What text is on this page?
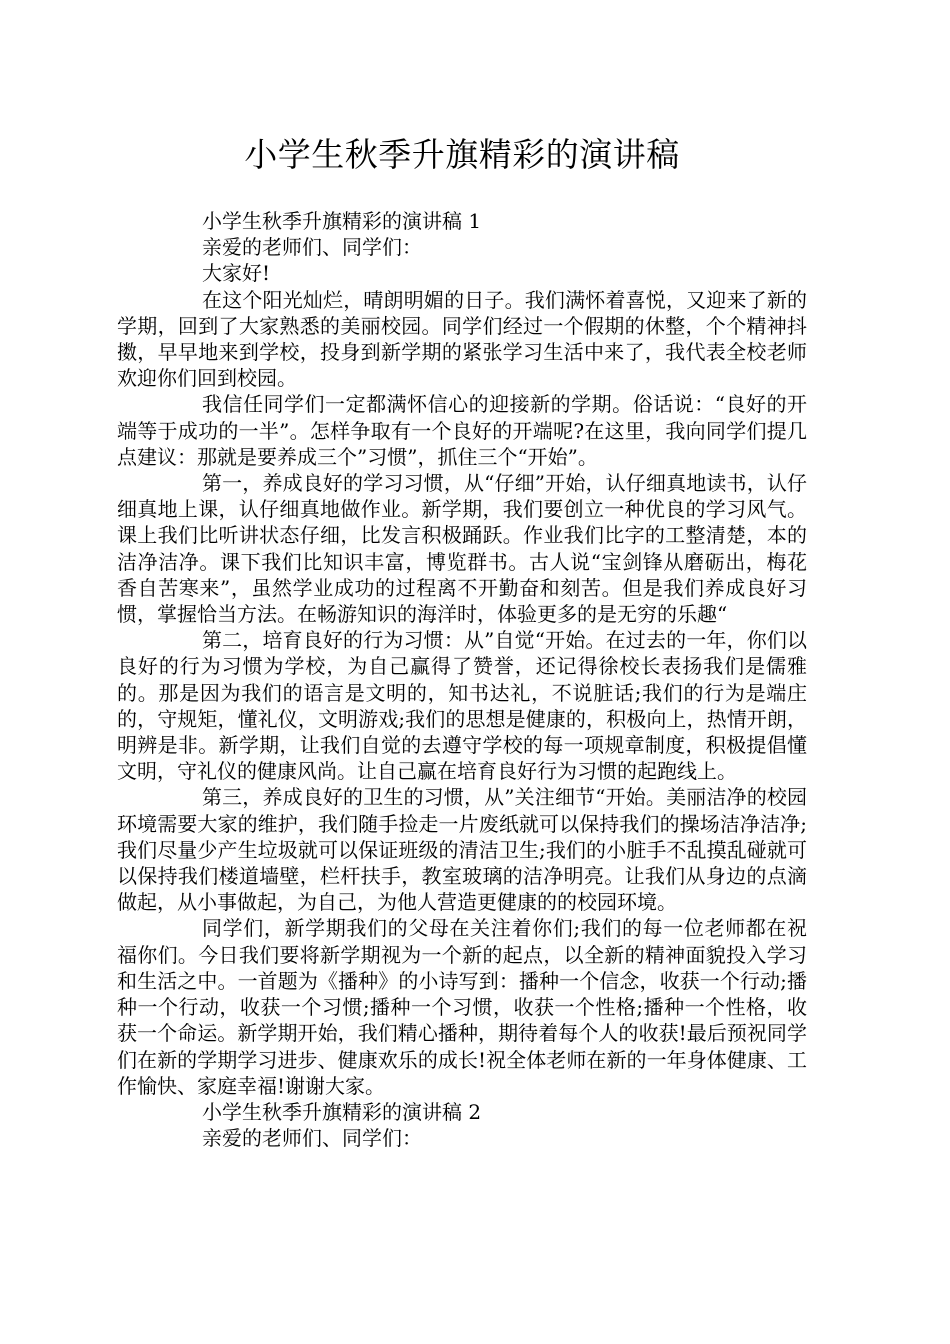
小学生秋季升旗精彩的演讲稿

小学生秋季升旗精彩的演讲稿 1

亲爱的老师们、同学们：

大家好!

在这个阳光灿烂，晴朗明媚的日子。我们满怀着喜悦，又迎来了新的学期，回到了大家熟悉的美丽校园。同学们经过一个假期的休整，个个精神抖擞，早早地来到学校，投身到新学期的紧张学习生活中来了，我代表全校老师欢迎你们回到校园。

我信任同学们一定都满怀信心的迎接新的学期。俗话说：“良好的开端等于成功的一半”。怎样争取有一个良好的开端呢?在这里，我向同学们提几点建议：那就是要养成三个”习惯”，抓住三个“开始”。

第一，养成良好的学习习惯，从“仔细”开始，认仔细真地读书，认仔细真地上课，认仔细真地做作业。新学期，我们要创立一种优良的学习风气。课上我们比听讲状态仔细，比发言积极踊跃。作业我们比字的工整清楚，本的洁净洁净。课下我们比知识丰富，博览群书。古人说“宝剑锋从磨砺出，梅花香自苦寒来”，虽然学业成功的过程离不开勤奋和刻苦。但是我们养成良好习惯，掌握恰当方法。在畅游知识的海洋时，体验更多的是无穷的乐趣“

第二，培育良好的行为习惯：从”自觉“开始。在过去的一年，你们以良好的行为习惯为学校，为自己赢得了赞誉，还记得徐校长表扬我们是儒雅的。那是因为我们的语言是文明的，知书达礼，不说脏话;我们的行为是端庄的，守规矩，懂礼仪，文明游戏;我们的思想是健康的，积极向上，热情开朗，明辨是非。新学期，让我们自觉的去遵守学校的每一项规章制度，积极提倡懂文明，守礼仪的健康风尚。让自己赢在培育良好行为习惯的起跑线上。

第三，养成良好的卫生的习惯，从”关注细节“开始。美丽洁净的校园环境需要大家的维护，我们随手捡走一片废纸就可以保持我们的操场洁净洁净;我们尽量少产生垃圾就可以保证班级的清洁卫生;我们的小脏手不乱摸乱碰就可以保持我们楼道墙壁，栏杆扶手，教室玻璃的洁净明亮。让我们从身边的点滴做起，从小事做起，为自己，为他人营造更健康的的校园环境。

同学们，新学期我们的父母在关注着你们;我们的每一位老师都在祝福你们。今日我们要将新学期视为一个新的起点，以全新的精神面貌投入学习和生活之中。一首题为《播种》的小诗写到：播种一个信念，收获一个行动;播种一个行动，收获一个习惯;播种一个习惯，收获一个性格;播种一个性格，收获一个命运。新学期开始，我们精心播种，期待着每个人的收获!最后预祝同学们在新的学期学习进步、健康欢乐的成长!祝全体老师在新的一年身体健康、工作愉快、家庭幸福!谢谢大家。

小学生秋季升旗精彩的演讲稿 2

亲爱的老师们、同学们：
